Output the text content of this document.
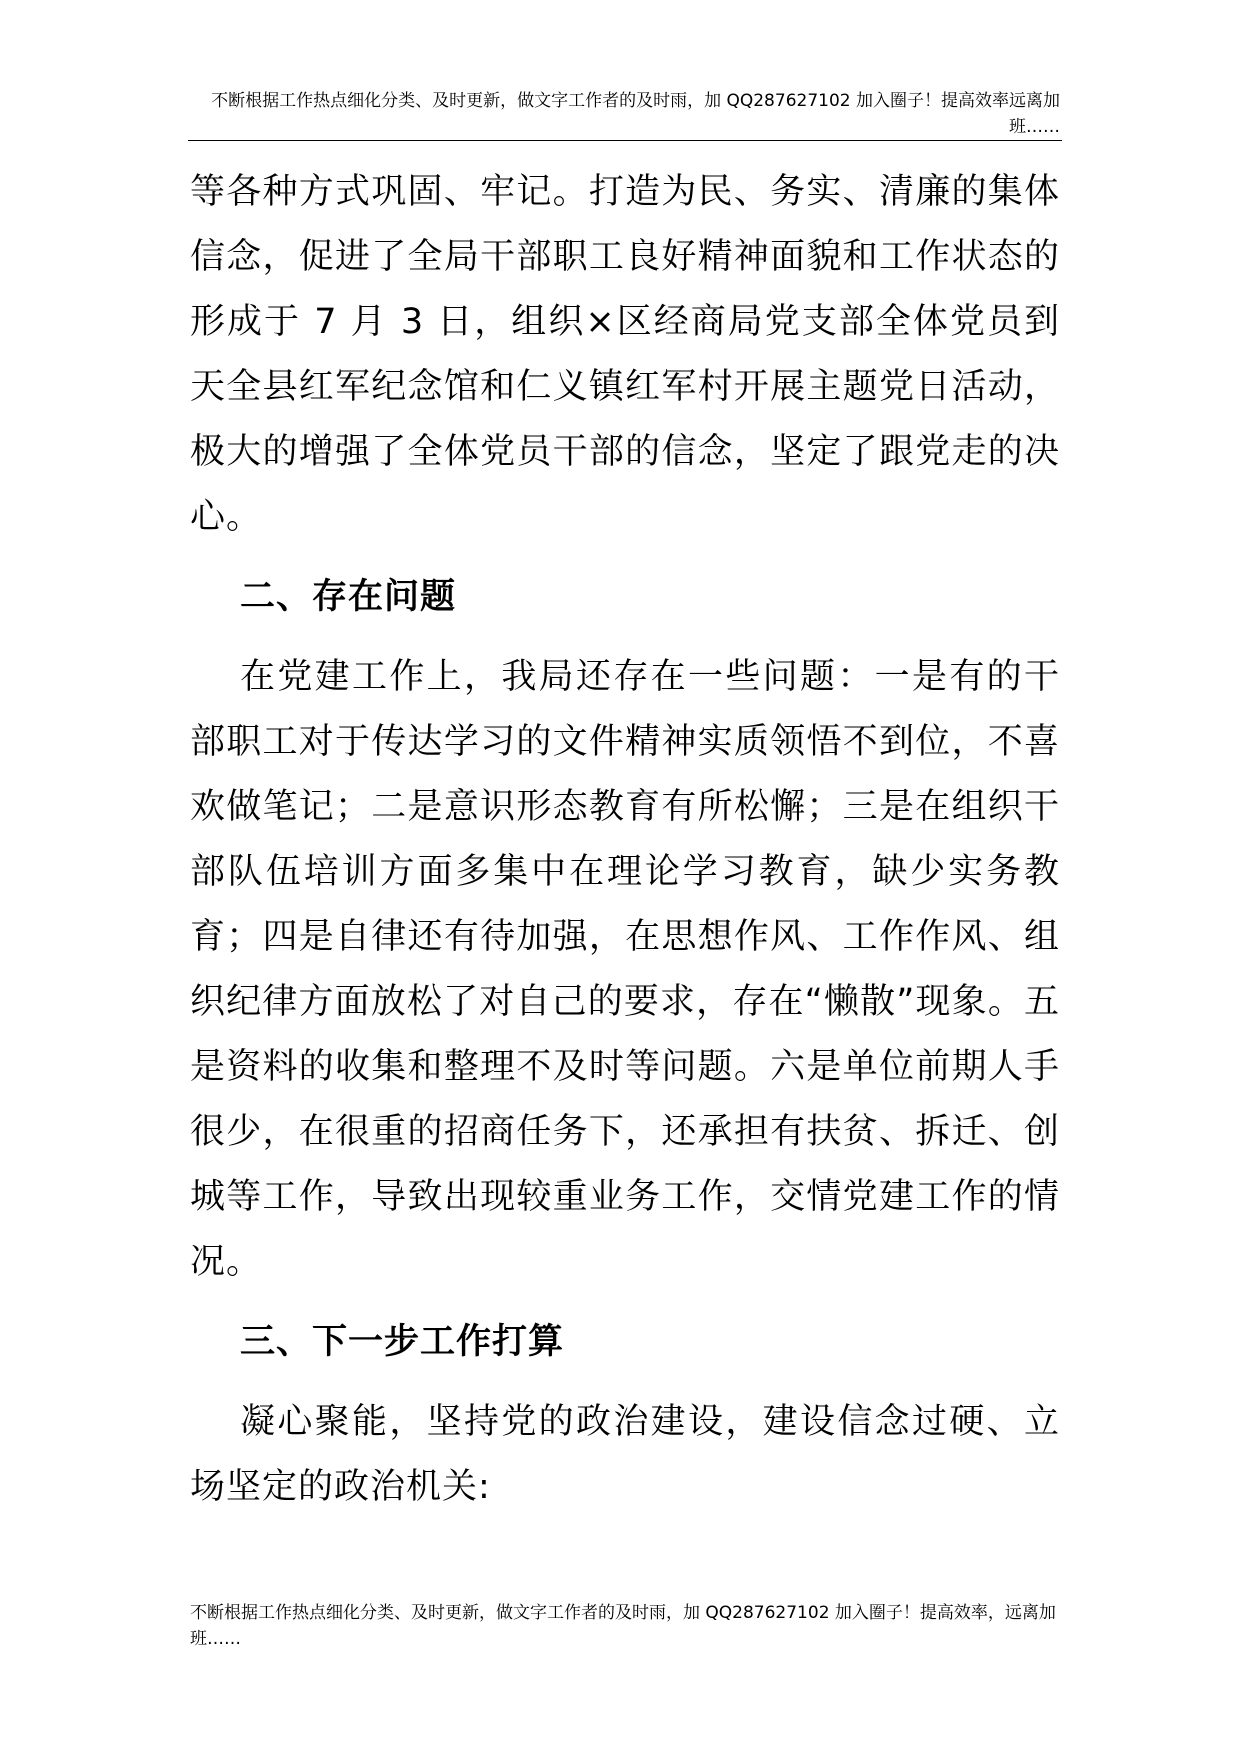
不断根据工作热点细化分类、及时更新，做文字工作者的及时雨，加 QQ287627102 加入圈子！提高效率远离加班……

等各种方式巩固、牢记。打造为民、务实、清廉的集体信念，促进了全局干部职工良好精神面貌和工作状态的形成于 7 月 3 日，组织×区经商局党支部全体党员到天全县红军纪念馆和仁义镇红军村开展主题党日活动，极大的增强了全体党员干部的信念，坚定了跟党走的决心。

二、存在问题

在党建工作上，我局还存在一些问题：一是有的干部职工对于传达学习的文件精神实质领悟不到位，不喜欢做笔记；二是意识形态教育有所松懈；三是在组织干部队伍培训方面多集中在理论学习教育，缺少实务教育；四是自律还有待加强，在思想作风、工作作风、组织纪律方面放松了对自己的要求，存在“懒散”现象。五是资料的收集和整理不及时等问题。六是单位前期人手很少，在很重的招商任务下，还承担有扶贫、拆迁、创城等工作，导致出现较重业务工作，交情党建工作的情况。

三、下一步工作打算

凝心聚能，坚持党的政治建设，建设信念过硬、立场坚定的政治机关:

不断根据工作热点细化分类、及时更新，做文字工作者的及时雨，加 QQ287627102 加入圈子！提高效率，远离加班……
